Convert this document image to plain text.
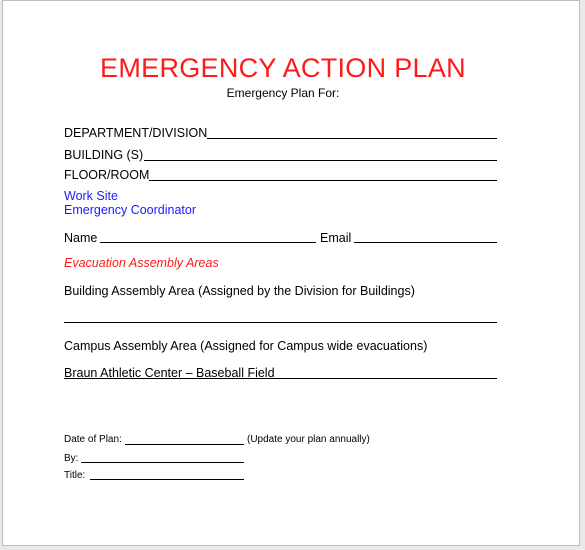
EMERGENCY ACTION PLAN
Emergency Plan For:
DEPARTMENT/DIVISION
BUILDING (S)
FLOOR/ROOM
Work Site
Emergency Coordinator
Name	Email
Evacuation Assembly Areas
Building Assembly Area (Assigned by the Division for Buildings)
Campus Assembly Area (Assigned for Campus wide evacuations)
Braun Athletic Center – Baseball Field
Date of Plan:	(Update your plan annually)
By:
Title:
